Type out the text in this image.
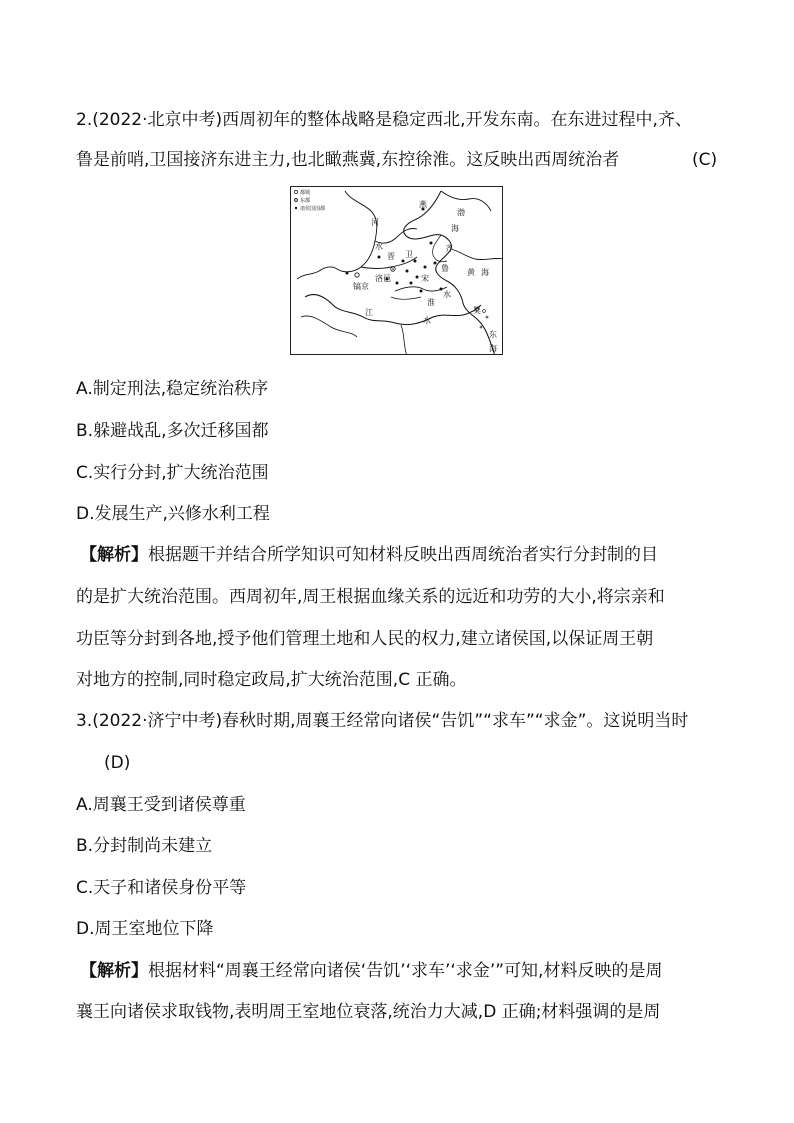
2.(2022·北京中考)西周初年的整体战略是稳定西北,开发东南。在东进过程中,齐、
鲁是前哨,卫国接济东进主力,也北瞰燕冀,东控徐淮。这反映出西周统治者	(C)
都城
东都
诸侯国国都	燕
渤
海
河
水
晋 卫
齐
鲁 黄 海
宋
洛邑
镐京
淮
水
江
水
吴
东
海
A.制定刑法,稳定统治秩序
B.躲避战乱,多次迁移国都
C.实行分封,扩大统治范围
D.发展生产,兴修水利工程
【解析】根据题干并结合所学知识可知材料反映出西周统治者实行分封制的目
的是扩大统治范围。西周初年,周王根据血缘关系的远近和功劳的大小,将宗亲和
功臣等分封到各地,授予他们管理土地和人民的权力,建立诸侯国,以保证周王朝
对地方的控制,同时稳定政局,扩大统治范围,C 正确。
3.(2022·济宁中考)春秋时期,周襄王经常向诸侯“告饥”“求车”“求金”。这说明当时
(D)
A.周襄王受到诸侯尊重
B.分封制尚未建立
C.天子和诸侯身份平等
D.周王室地位下降
【解析】根据材料“周襄王经常向诸侯‘告饥’‘求车’‘求金’”可知,材料反映的是周
襄王向诸侯求取钱物,表明周王室地位衰落,统治力大减,D 正确;材料强调的是周
